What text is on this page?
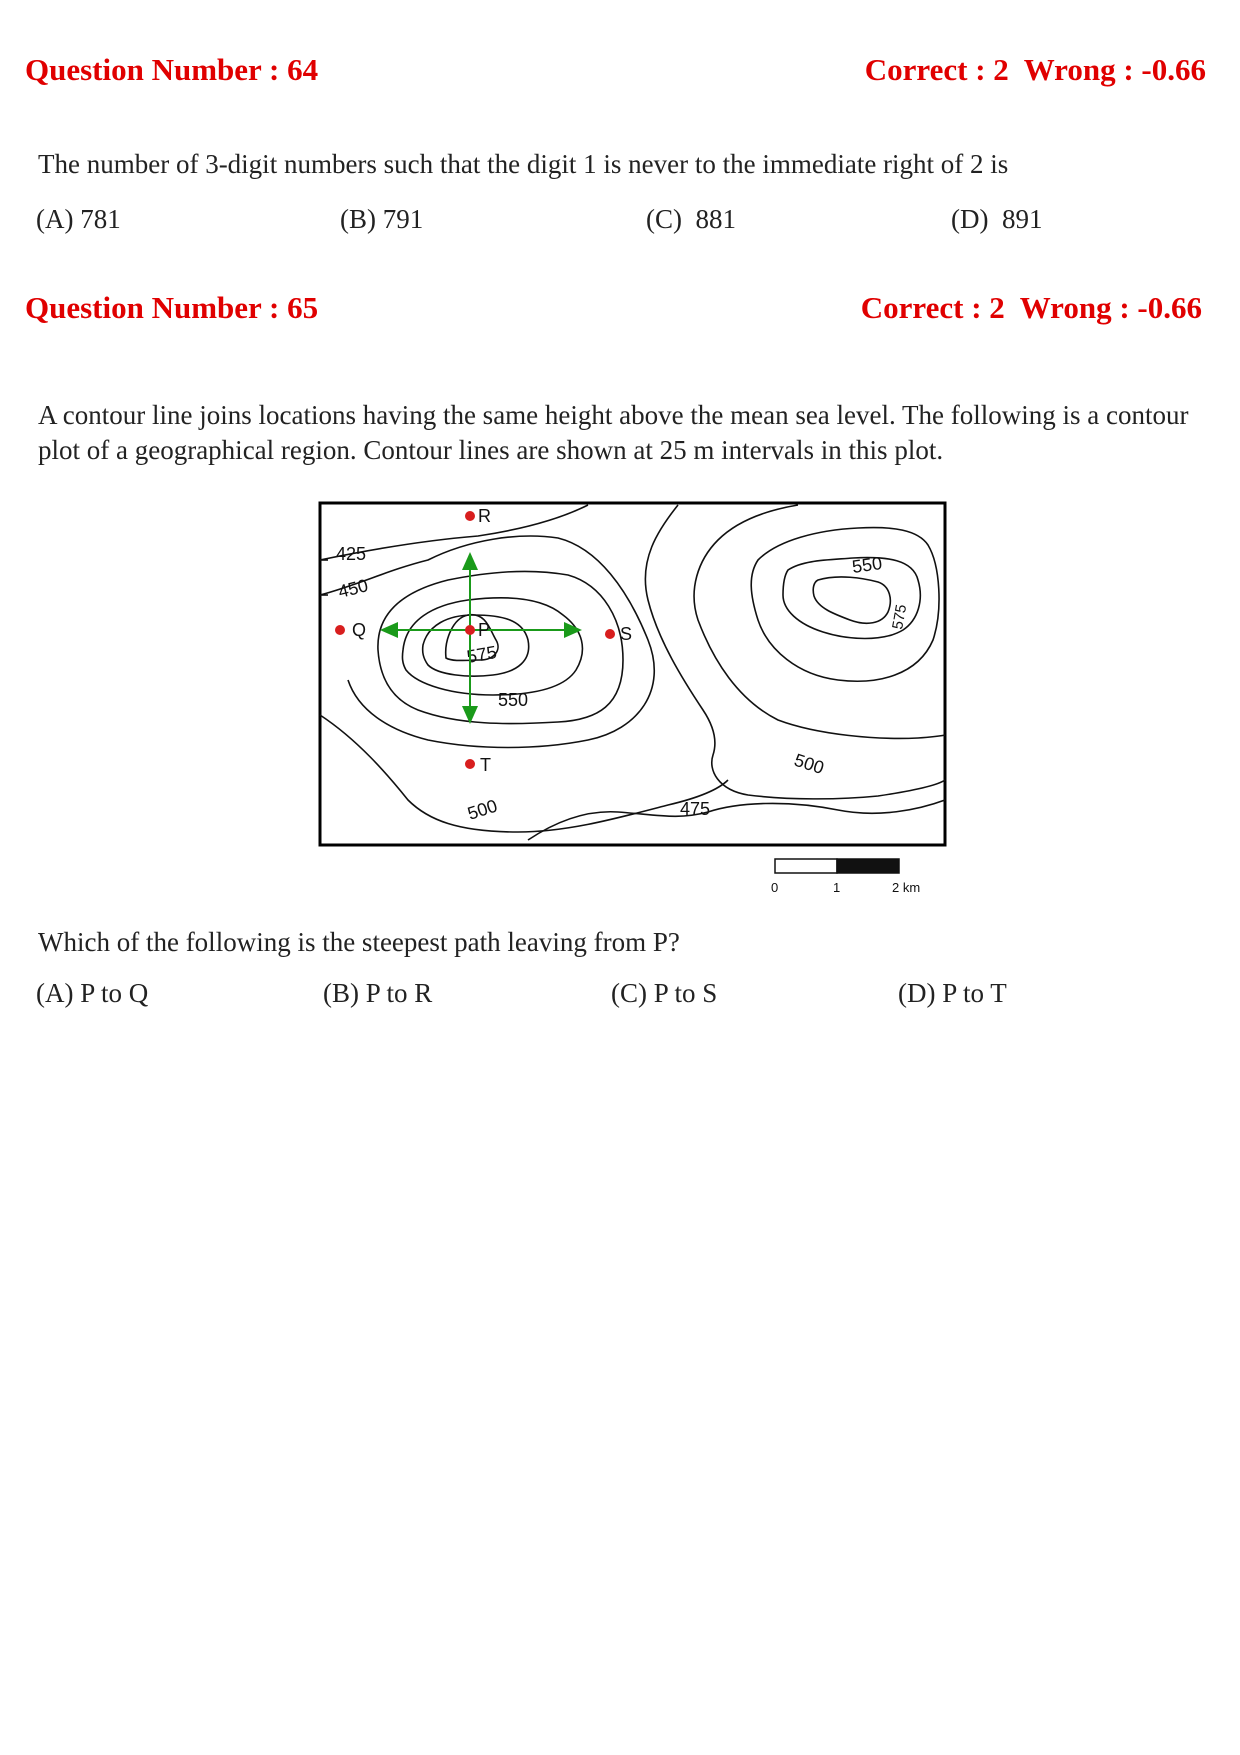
Question Number : 64	Correct : 2  Wrong : -0.66
The number of 3-digit numbers such that the digit 1 is never to the immediate right of 2 is
(A) 781	(B) 791	(C)  881	(D)  891
Question Number : 65	Correct : 2  Wrong : -0.66
A contour line joins locations having the same height above the mean sea level. The following is a contour plot of a geographical region. Contour lines are shown at 25 m intervals in this plot.
425
450
575
550
500	475
500
550
575
P
Q
R
S
T
0	1	2 km
Which of the following is the steepest path leaving from P?
(A) P to Q	(B) P to R	(C) P to S	(D) P to T
